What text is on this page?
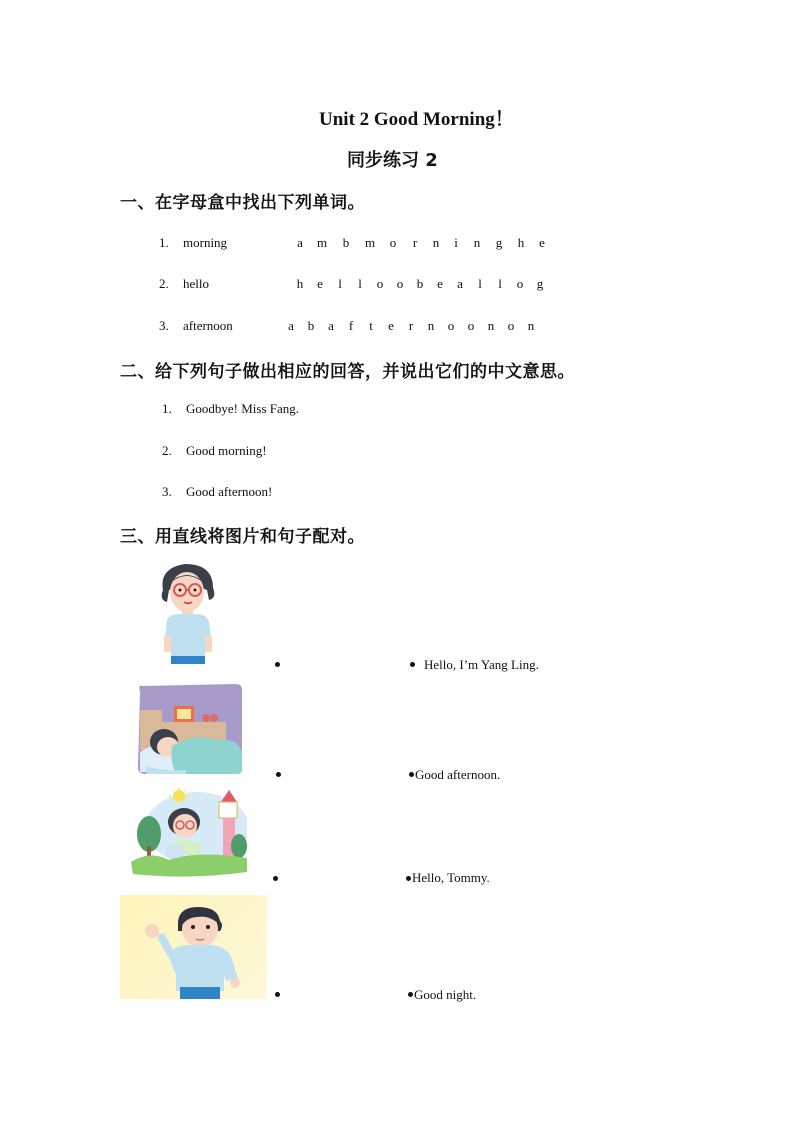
Unit 2 Good Morning！
同步练习 2
一、在字母盒中找出下列单词。
1. morning	a m b m o r n i n g h e
2. hello	h e l l o o b e a l l o g
3. afternoon	a b a f t e r n o o n o n
二、给下列句子做出相应的回答，并说出它们的中文意思。
1. Goodbye! Miss Fang.
2. Good morning!
3. Good afternoon!
三、用直线将图片和句子配对。
Hello, I’m Yang Ling.
Good afternoon.
Hello, Tommy.
Good night.
